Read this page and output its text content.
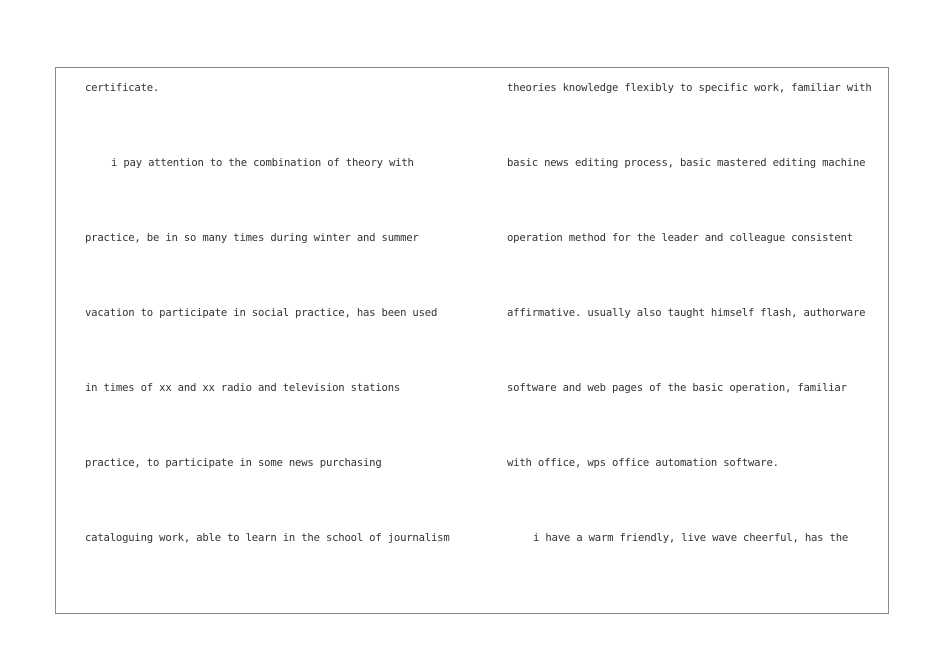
certificate.
i pay attention to the combination of theory with
practice, be in so many times during winter and summer
vacation to participate in social practice, has been used
in times of xx and xx radio and television stations
practice, to participate in some news purchasing
cataloguing work, able to learn in the school of journalism
theories knowledge flexibly to specific work, familiar with
basic news editing process, basic mastered editing machine
operation method for the leader and colleague consistent
affirmative. usually also taught himself flash, authorware
software and web pages of the basic operation, familiar
with office, wps office automation software.
i have a warm friendly, live wave cheerful, has the
